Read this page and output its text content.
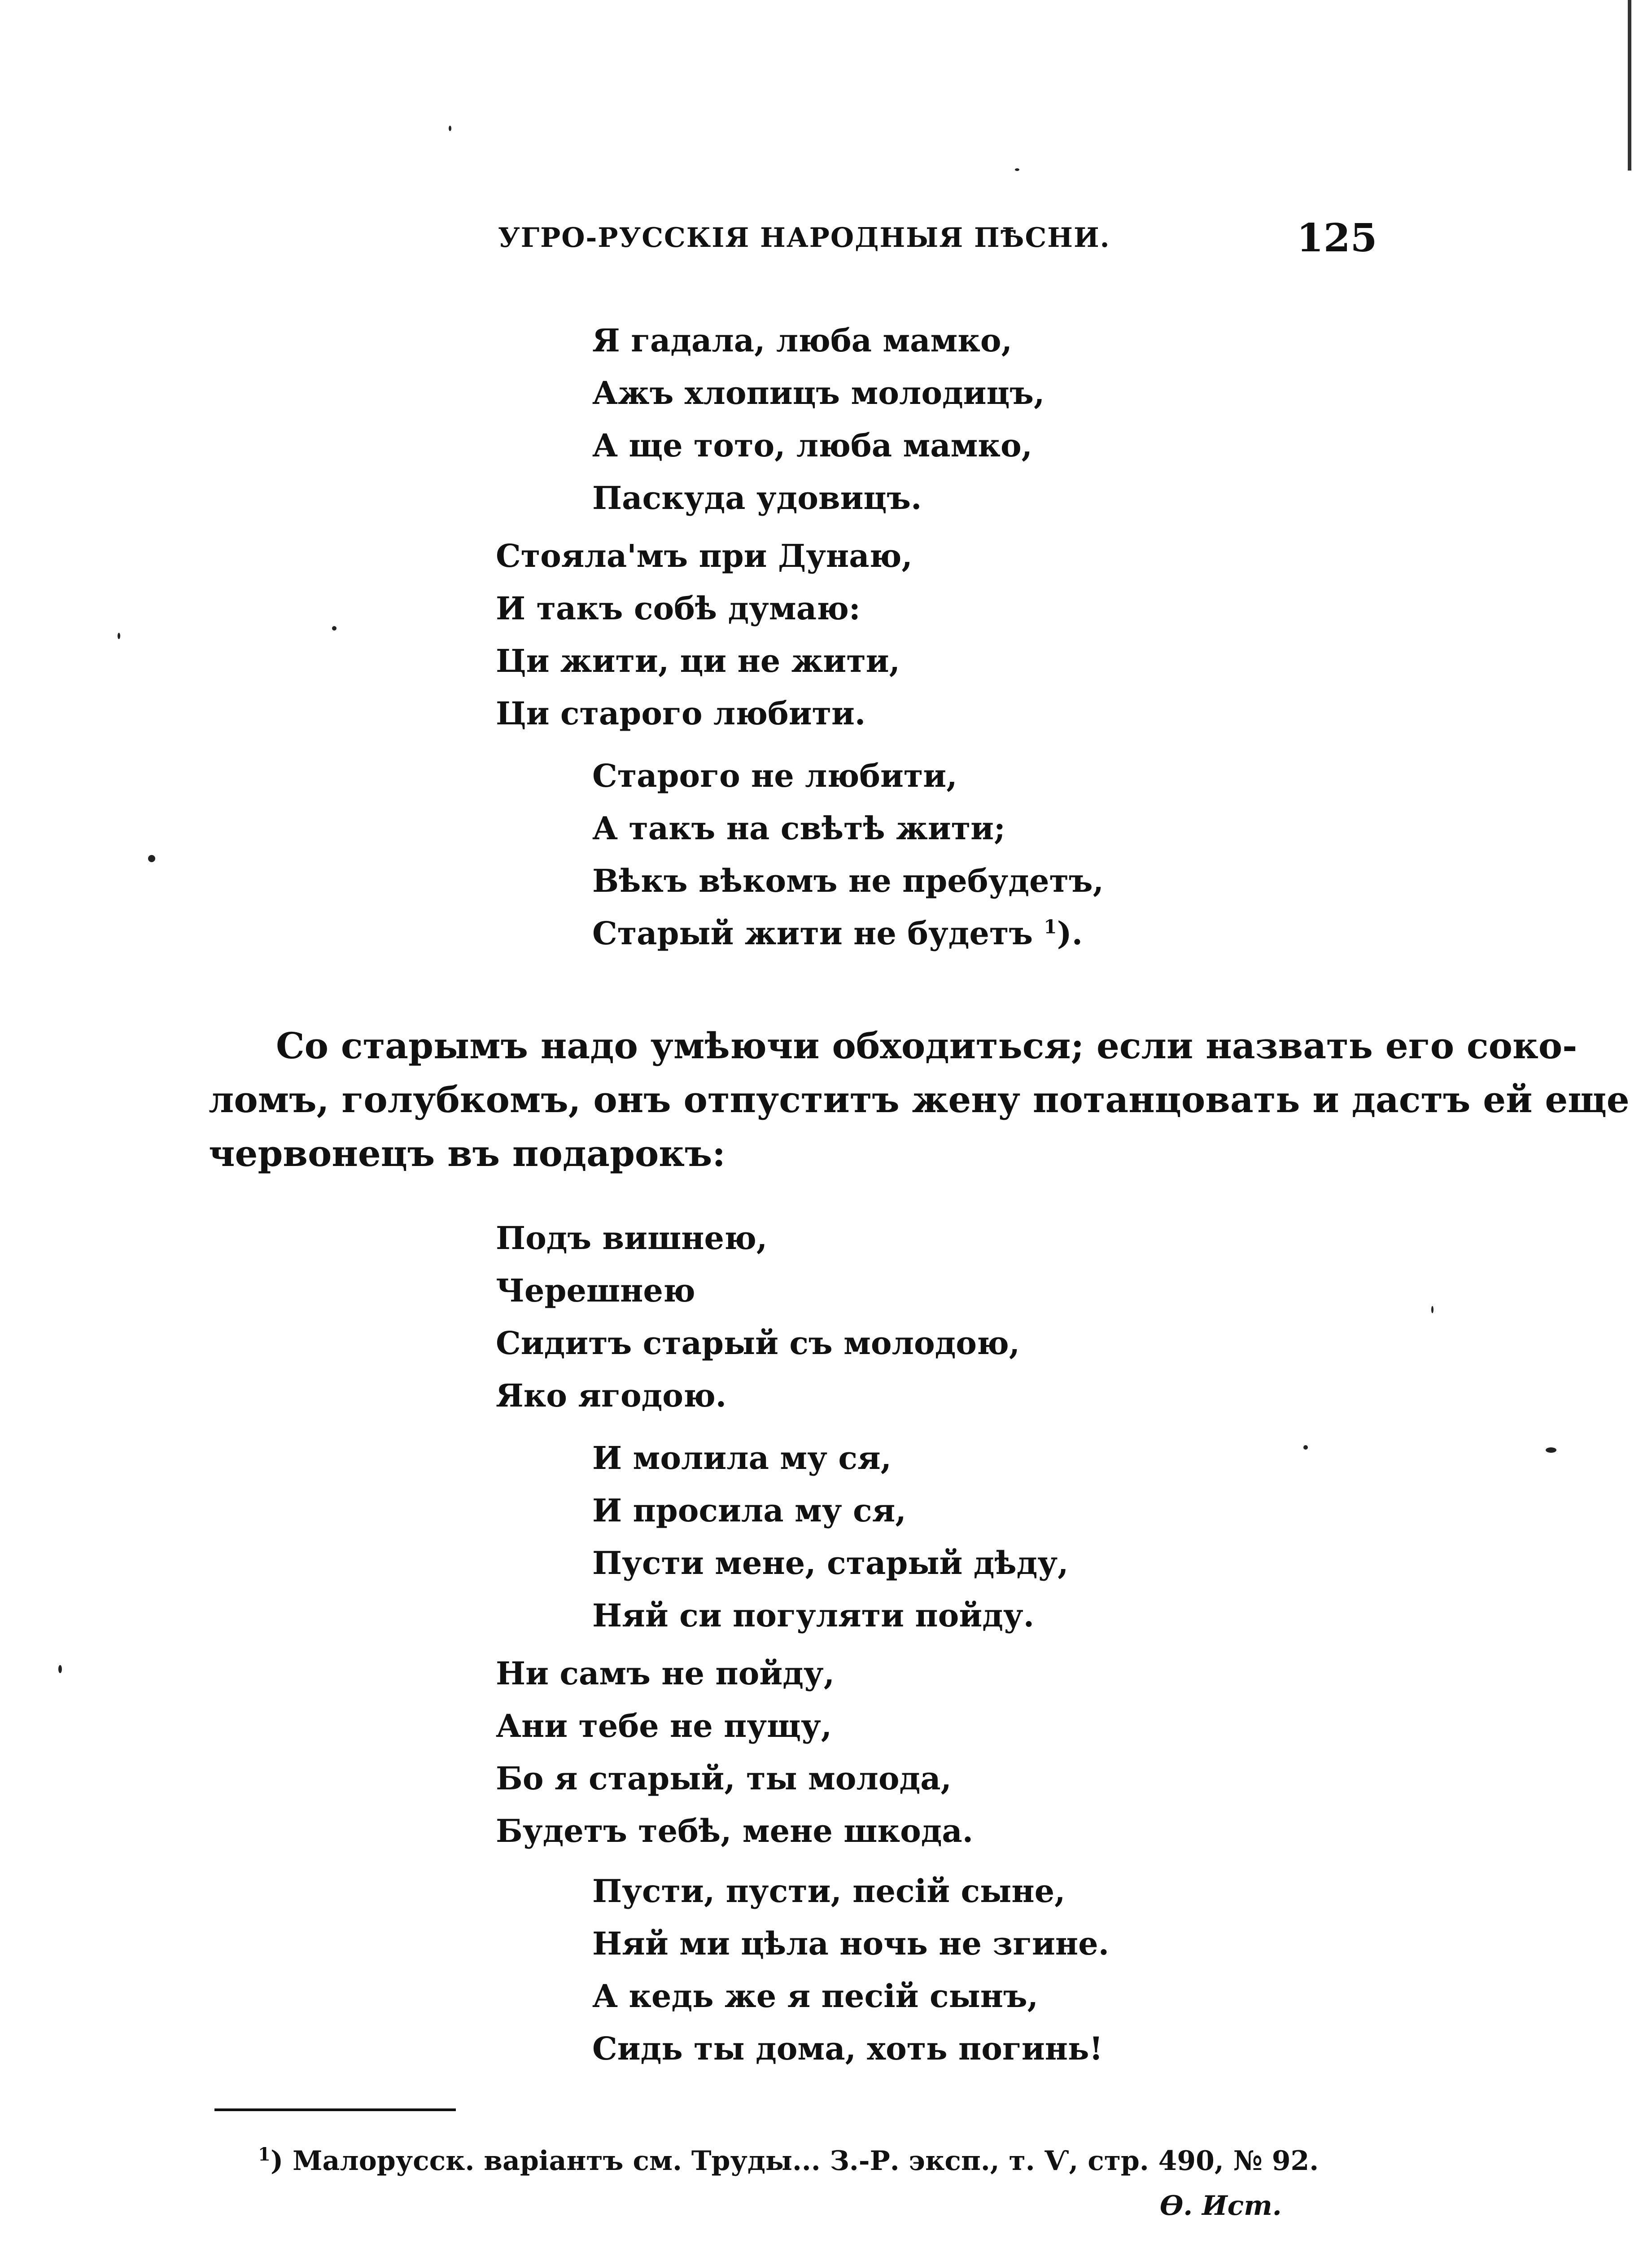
УГРО-РУССКІЯ НАРОДНЫЯ ПѢСНИ.	125
Я гадала, люба мамко,
Ажъ хлопицъ молодицъ,
А ще тото, люба мамко,
Паскуда удовицъ.
Стояла'мъ при Дунаю,
И такъ собѣ думаю:
Ци жити, ци не жити,
Ци старого любити.
Старого не любити,
А такъ на свѣтѣ жити;
Вѣкъ вѣкомъ не пребудетъ,
Старый жити не будетъ $^1$).
Со старымъ надо умѣючи обходиться; если назвать его соко-
ломъ, голубкомъ, онъ отпуститъ жену потанцовать и дастъ ей еще
червонецъ въ подарокъ:
Подъ вишнею,
Черешнею
Сидитъ старый съ молодою,
Яко ягодою.
И молила му ся,
И просила му ся,
Пусти мене, старый дѣду,
Няй си погуляти пойду.
Ни самъ не пойду,
Ани тебе не пущу,
Бо я старый, ты молода,
Будетъ тебѣ, мене шкода.
Пусти, пусти, песій сыне,
Няй ми цѣла ночь не згине.
А кедь же я песій сынъ,
Сидь ты дома, хоть погинь!
$^1$) Малорусск. варіантъ см. Труды... З.-Р. эксп., т. Ѵ, стр. 490, № 92.
Ѳ. Ист.
